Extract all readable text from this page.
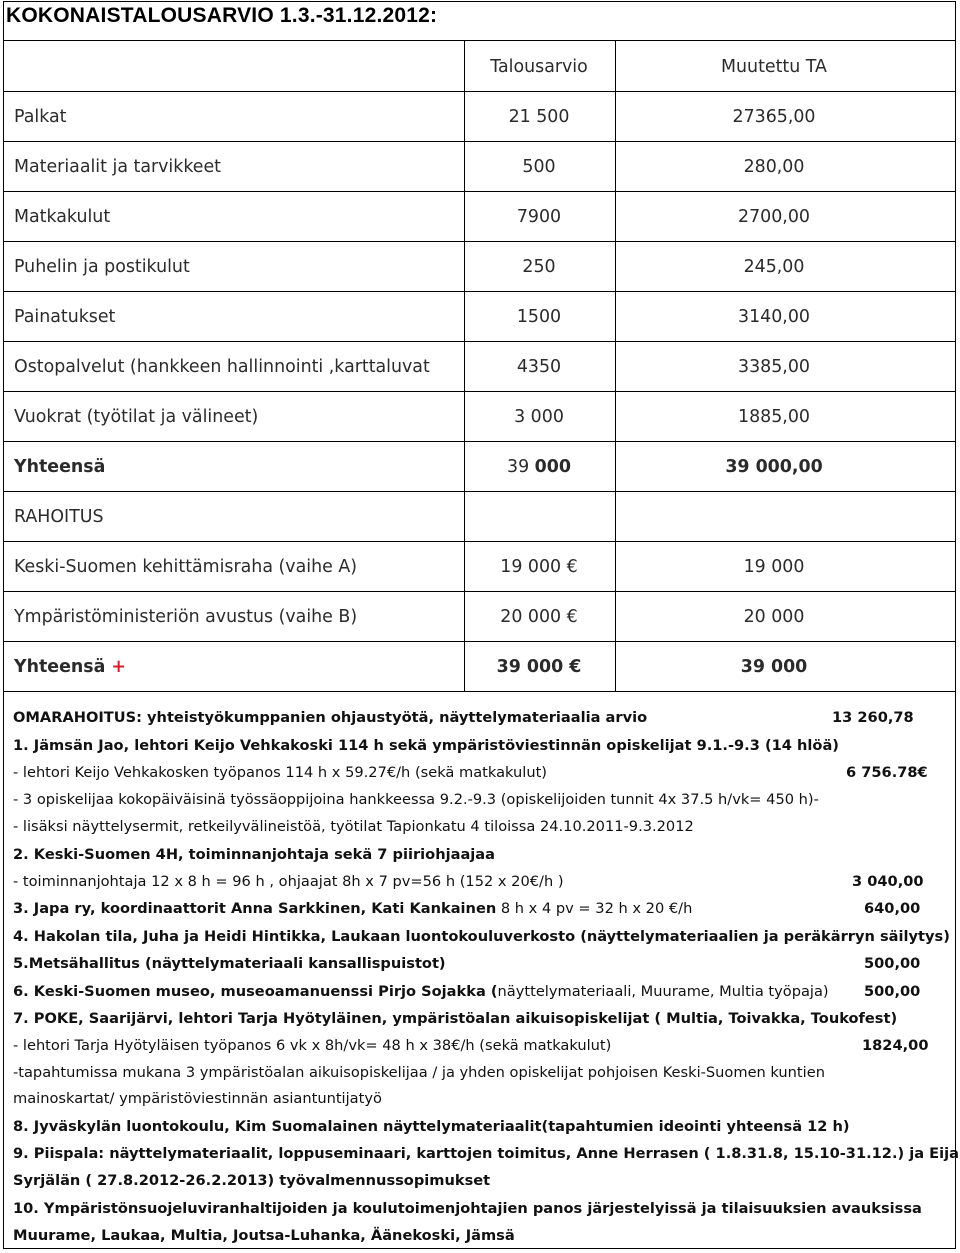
KOKONAISTALOUSARVIO 1.3.-31.12.2012:
Talousarvio	Muutettu TA
Palkat	21 500	27365,00
Materiaalit ja tarvikkeet	500	280,00
Matkakulut	7900	2700,00
Puhelin ja postikulut	250	245,00
Painatukset	1500	3140,00
Ostopalvelut (hankkeen hallinnointi ,karttaluvat	4350	3385,00
Vuokrat (työtilat ja välineet)	3 000	1885,00
Yhteensä	39 000	39 000,00
RAHOITUS
Keski-Suomen kehittämisraha (vaihe A)	19 000 €	19 000
Ympäristöministeriön avustus (vaihe B)	20 000 €	20 000
Yhteensä +	39 000 €	39 000
OMARAHOITUS: yhteistyökumppanien ohjaustyötä, näyttelymateriaalia arvio	13 260,78
1. Jämsän Jao, lehtori Keijo Vehkakoski 114 h sekä ympäristöviestinnän opiskelijat 9.1.-9.3 (14 hlöä)
- lehtori Keijo Vehkakosken työpanos 114 h x 59.27€/h (sekä matkakulut)	6 756.78€
- 3 opiskelijaa kokopäiväisinä työssäoppijoina hankkeessa 9.2.-9.3 (opiskelijoiden tunnit 4x 37.5 h/vk= 450 h)-
- lisäksi näyttelysermit, retkeilyvälineistöä, työtilat Tapionkatu 4 tiloissa 24.10.2011-9.3.2012
2. Keski-Suomen 4H, toiminnanjohtaja sekä 7 piiriohjaajaa
- toiminnanjohtaja 12 x 8 h = 96 h , ohjaajat 8h x 7 pv=56 h (152 x 20€/h )	3 040,00
3. Japa ry, koordinaattorit Anna Sarkkinen, Kati Kankainen 8 h x 4 pv = 32 h x 20 €/h	640,00
4. Hakolan tila, Juha ja Heidi Hintikka, Laukaan luontokouluverkosto (näyttelymateriaalien ja peräkärryn säilytys)
5.Metsähallitus (näyttelymateriaali kansallispuistot)	500,00
6. Keski-Suomen museo, museoamanuenssi Pirjo Sojakka (näyttelymateriaali, Muurame, Multia työpaja) 500,00
7. POKE, Saarijärvi, lehtori Tarja Hyötyläinen, ympäristöalan aikuisopiskelijat ( Multia, Toivakka, Toukofest)
- lehtori Tarja Hyötyläisen työpanos 6 vk x 8h/vk= 48 h x 38€/h (sekä matkakulut)	1824,00
-tapahtumissa mukana 3 ympäristöalan aikuisopiskelijaa / ja yhden opiskelijat pohjoisen Keski-Suomen kuntien
mainoskartat/ ympäristöviestinnän asiantuntijatyö
8. Jyväskylän luontokoulu, Kim Suomalainen näyttelymateriaalit(tapahtumien ideointi yhteensä 12 h)
9. Piispala: näyttelymateriaalit, loppuseminaari, karttojen toimitus, Anne Herrasen ( 1.8.31.8, 15.10-31.12.) ja Eija
Syrjälän ( 27.8.2012-26.2.2013) työvalmennussopimukset
10. Ympäristönsuojeluviranhaltijoiden ja koulutoimenjohtajien panos järjestelyissä ja tilaisuuksien avauksissa
Muurame, Laukaa, Multia, Joutsa-Luhanka, Äänekoski, Jämsä
